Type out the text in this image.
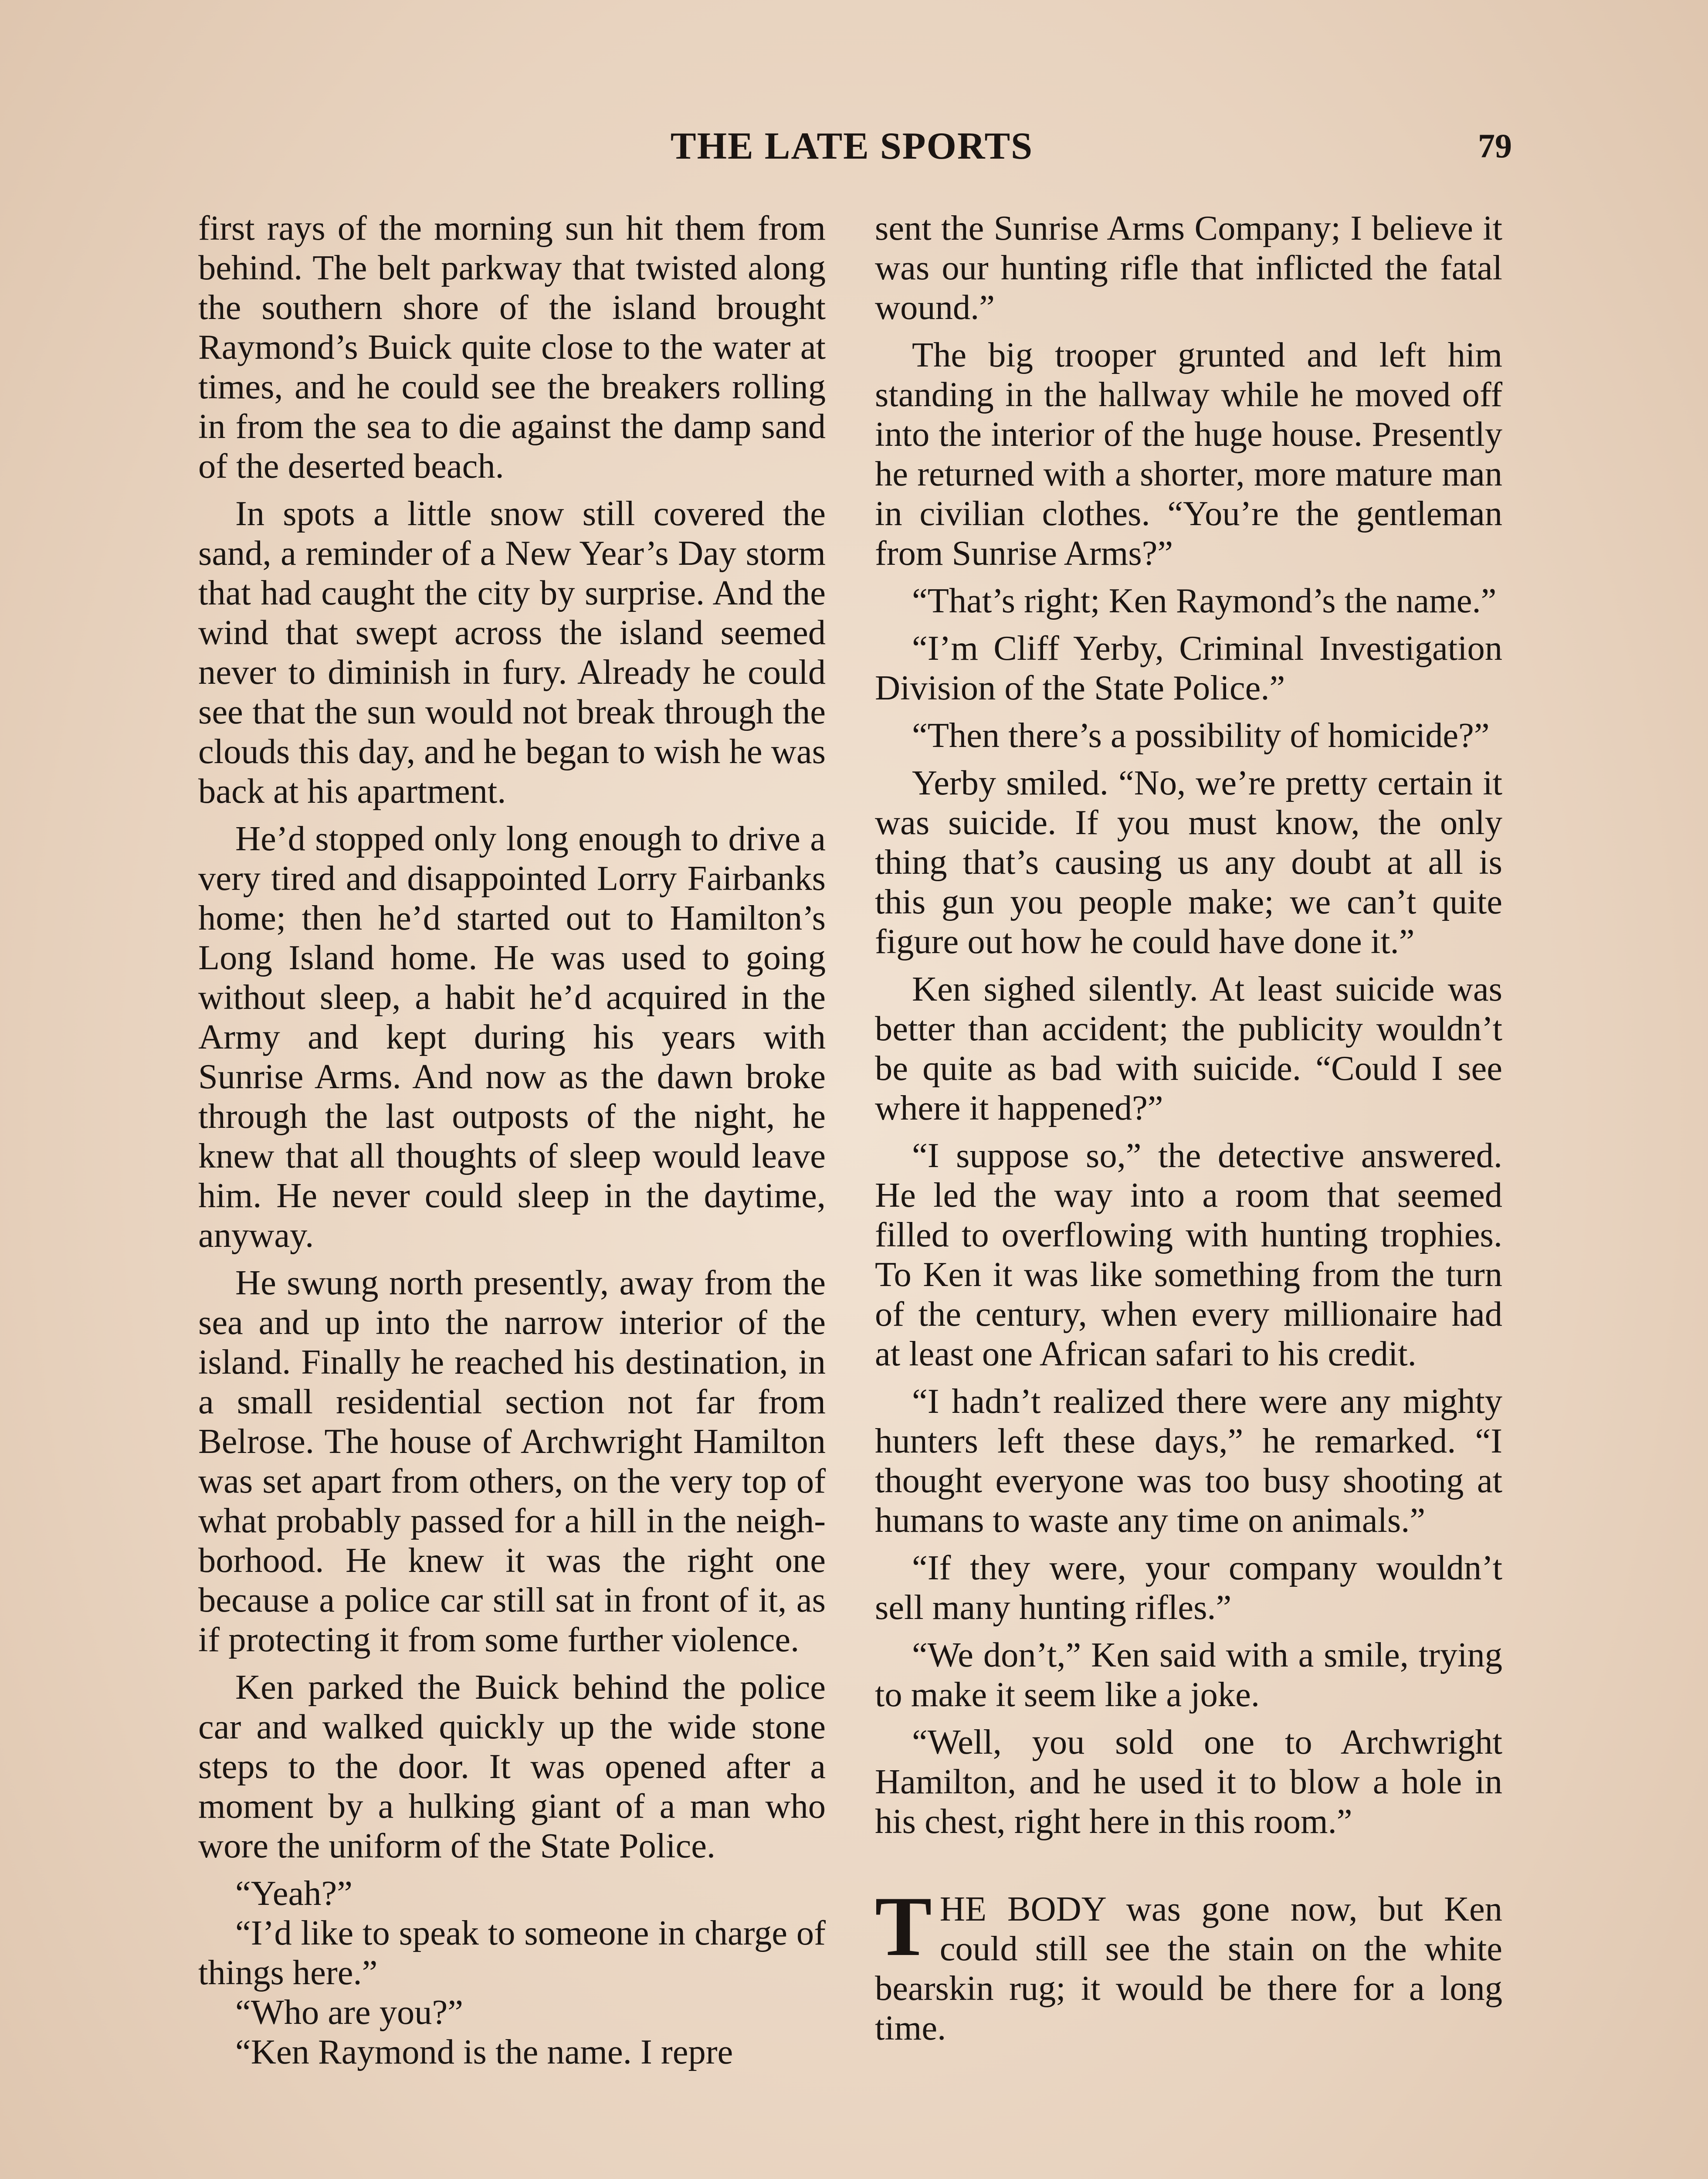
THE LATE SPORTS	79

first rays of the morning sun hit them from behind. The belt parkway that twisted along the southern shore of the island brought Raymond’s Buick quite close to the water at times, and he could see the breakers rolling in from the sea to die against the damp sand of the deserted beach.

In spots a little snow still covered the sand, a reminder of a New Year’s Day storm that had caught the city by surprise. And the wind that swept across the island seemed never to diminish in fury. Already he could see that the sun would not break through the clouds this day, and he began to wish he was back at his apartment.

He’d stopped only long enough to drive a very tired and disappointed Lorry Fairbanks home; then he’d started out to Hamilton’s Long Island home. He was used to going without sleep, a habit he’d acquired in the Army and kept during his years with Sunrise Arms. And now as the dawn broke through the last outposts of the night, he knew that all thoughts of sleep would leave him. He never could sleep in the daytime, anyway.

He swung north presently, away from the sea and up into the narrow interior of the island. Finally he reached his destination, in a small residential section not far from Belrose. The house of Archwright Hamilton was set apart from others, on the very top of what probably passed for a hill in the neighborhood. He knew it was the right one because a police car still sat in front of it, as if protecting it from some further violence.

Ken parked the Buick behind the police car and walked quickly up the wide stone steps to the door. It was opened after a moment by a hulking giant of a man who wore the uniform of the State Police.

“Yeah?”

“I’d like to speak to someone in charge of things here.”

“Who are you?”

“Ken Raymond is the name. I repre

sent the Sunrise Arms Company; I believe it was our hunting rifle that inflicted the fatal wound.”

The big trooper grunted and left him standing in the hallway while he moved off into the interior of the huge house. Presently he returned with a shorter, more mature man in civilian clothes. “You’re the gentleman from Sunrise Arms?”

“That’s right; Ken Raymond’s the name.”

“I’m Cliff Yerby, Criminal Investigation Division of the State Police.”

“Then there’s a possibility of homicide?”

Yerby smiled. “No, we’re pretty certain it was suicide. If you must know, the only thing that’s causing us any doubt at all is this gun you people make; we can’t quite figure out how he could have done it.”

Ken sighed silently. At least suicide was better than accident; the publicity wouldn’t be quite as bad with suicide. “Could I see where it happened?”

“I suppose so,” the detective answered. He led the way into a room that seemed filled to overflowing with hunting trophies. To Ken it was like something from the turn of the century, when every millionaire had at least one African safari to his credit.

“I hadn’t realized there were any mighty hunters left these days,” he remarked. “I thought everyone was too busy shooting at humans to waste any time on animals.”

“If they were, your company wouldn’t sell many hunting rifles.”

“We don’t,” Ken said with a smile, trying to make it seem like a joke.

“Well, you sold one to Archwright Hamilton, and he used it to blow a hole in his chest, right here in this room.”

THE BODY was gone now, but Ken could still see the stain on the white bearskin rug; it would be there for a long time.
